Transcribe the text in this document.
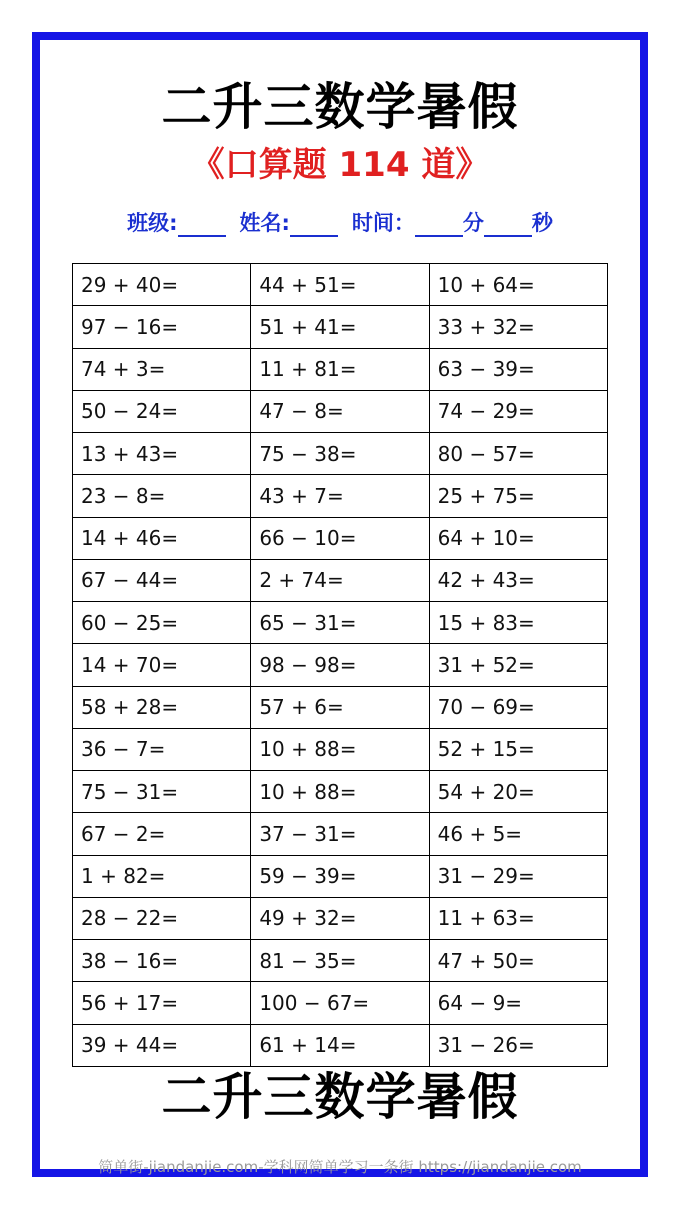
二升三数学暑假
《口算题 114 道》
班级:	姓名:	时间： 分 秒
29 + 40=	44 + 51=	10 + 64=
97 − 16=	51 + 41=	33 + 32=
74 + 3=	11 + 81=	63 − 39=
50 − 24=	47 − 8=	74 − 29=
13 + 43=	75 − 38=	80 − 57=
23 − 8=	43 + 7=	25 + 75=
14 + 46=	66 − 10=	64 + 10=
67 − 44=	2 + 74=	42 + 43=
60 − 25=	65 − 31=	15 + 83=
14 + 70=	98 − 98=	31 + 52=
58 + 28=	57 + 6=	70 − 69=
36 − 7=	10 + 88=	52 + 15=
75 − 31=	10 + 88=	54 + 20=
67 − 2=	37 − 31=	46 + 5=
1 + 82=	59 − 39=	31 − 29=
28 − 22=	49 + 32=	11 + 63=
38 − 16=	81 − 35=	47 + 50=
56 + 17=	100 − 67=	64 − 9=
39 + 44=	61 + 14=	31 − 26=
二升三数学暑假
简单街-jiandanjie.com-学科网简单学习一条街 https://jiandanjie.com
